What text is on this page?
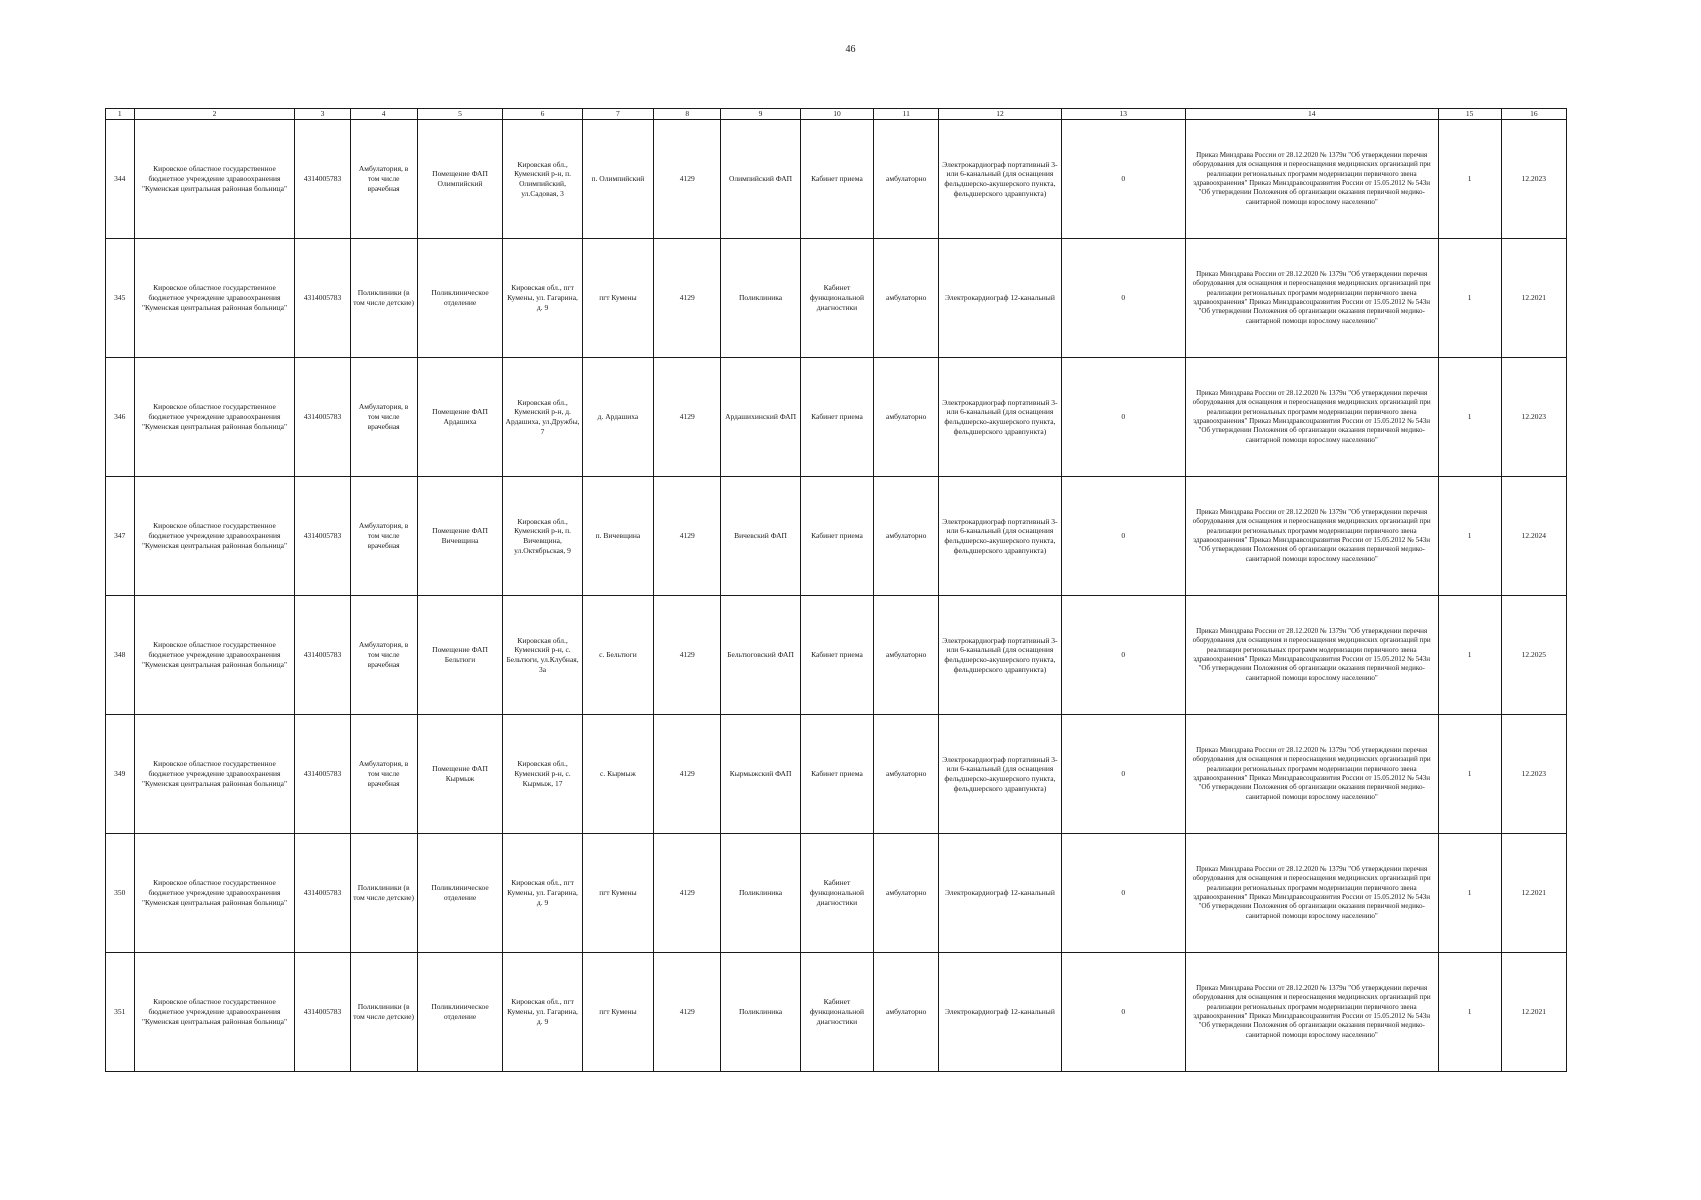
46
1	2	3	4	5	6	7	8	9	10	11	12	13	14	15	16
344	Кировское областное государственное бюджетное учреждение здравоохранения "Куменская центральная районная больница"	4314005783	Амбулатория, в том числе врачебная	Помещение ФАП Олимпийский	Кировская обл., Куменский р-н, п. Олимпийский, ул.Садовая, 3	п. Олимпийский	4129	Олимпийский ФАП	Кабинет приема	амбулаторно	Электрокардиограф портативный 3- или 6-канальный (для оснащения фельдшерско-акушерского пункта, фельдшерского здравпункта)	0	Приказ Минздрава России от 28.12.2020 № 1379н "Об утверждении перечня оборудования для оснащения и переоснащения медицинских организаций при реализации региональных программ модернизации первичного звена здравоохранения" Приказ Минздравсоцразвития России от 15.05.2012 № 543н "Об утверждении Положения об организации оказания первичной медико-санитарной помощи взрослому населению"	1	12.2023
345	Кировское областное государственное бюджетное учреждение здравоохранения "Куменская центральная районная больница"	4314005783	Поликлиники (в том числе детские)	Поликлиническое отделение	Кировская обл., пгт Кумены, ул. Гагарина, д. 9	пгт Кумены	4129	Поликлиника	Кабинет функциональной диагностики	амбулаторно	Электрокардиограф 12-канальный	0	Приказ Минздрава России от 28.12.2020 № 1379н "Об утверждении перечня оборудования для оснащения и переоснащения медицинских организаций при реализации региональных программ модернизации первичного звена здравоохранения" Приказ Минздравсоцразвития России от 15.05.2012 № 543н "Об утверждении Положения об организации оказания первичной медико-санитарной помощи взрослому населению"	1	12.2021
346	Кировское областное государственное бюджетное учреждение здравоохранения "Куменская центральная районная больница"	4314005783	Амбулатория, в том числе врачебная	Помещение ФАП Ардашиха	Кировская обл., Куменский р-н, д. Ардашиха, ул.Дружбы, 7	д. Ардашиха	4129	Ардашихинский ФАП	Кабинет приема	амбулаторно	Электрокардиограф портативный 3- или 6-канальный (для оснащения фельдшерско-акушерского пункта, фельдшерского здравпункта)	0	Приказ Минздрава России от 28.12.2020 № 1379н "Об утверждении перечня оборудования для оснащения и переоснащения медицинских организаций при реализации региональных программ модернизации первичного звена здравоохранения" Приказ Минздравсоцразвития России от 15.05.2012 № 543н "Об утверждении Положения об организации оказания первичной медико-санитарной помощи взрослому населению"	1	12.2023
347	Кировское областное государственное бюджетное учреждение здравоохранения "Куменская центральная районная больница"	4314005783	Амбулатория, в том числе врачебная	Помещение ФАП Вичевщина	Кировская обл., Куменский р-н, п. Вичевщина, ул.Октябрьская, 9	п. Вичевщина	4129	Вичевский ФАП	Кабинет приема	амбулаторно	Электрокардиограф портативный 3- или 6-канальный (для оснащения фельдшерско-акушерского пункта, фельдшерского здравпункта)	0	Приказ Минздрава России от 28.12.2020 № 1379н "Об утверждении перечня оборудования для оснащения и переоснащения медицинских организаций при реализации региональных программ модернизации первичного звена здравоохранения" Приказ Минздравсоцразвития России от 15.05.2012 № 543н "Об утверждении Положения об организации оказания первичной медико-санитарной помощи взрослому населению"	1	12.2024
348	Кировское областное государственное бюджетное учреждение здравоохранения "Куменская центральная районная больница"	4314005783	Амбулатория, в том числе врачебная	Помещение ФАП Бельтюги	Кировская обл., Куменский р-н, с. Бельтюги, ул.Клубная, 3а	с. Бельтюги	4129	Бельтюговский ФАП	Кабинет приема	амбулаторно	Электрокардиограф портативный 3- или 6-канальный (для оснащения фельдшерско-акушерского пункта, фельдшерского здравпункта)	0	Приказ Минздрава России от 28.12.2020 № 1379н "Об утверждении перечня оборудования для оснащения и переоснащения медицинских организаций при реализации региональных программ модернизации первичного звена здравоохранения" Приказ Минздравсоцразвития России от 15.05.2012 № 543н "Об утверждении Положения об организации оказания первичной медико-санитарной помощи взрослому населению"	1	12.2025
349	Кировское областное государственное бюджетное учреждение здравоохранения "Куменская центральная районная больница"	4314005783	Амбулатория, в том числе врачебная	Помещение ФАП Кырмыж	Кировская обл., Куменский р-н, с. Кырмыж, 17	с. Кырмыж	4129	Кырмыжский ФАП	Кабинет приема	амбулаторно	Электрокардиограф портативный 3- или 6-канальный (для оснащения фельдшерско-акушерского пункта, фельдшерского здравпункта)	0	Приказ Минздрава России от 28.12.2020 № 1379н "Об утверждении перечня оборудования для оснащения и переоснащения медицинских организаций при реализации региональных программ модернизации первичного звена здравоохранения" Приказ Минздравсоцразвития России от 15.05.2012 № 543н "Об утверждении Положения об организации оказания первичной медико-санитарной помощи взрослому населению"	1	12.2023
350	Кировское областное государственное бюджетное учреждение здравоохранения "Куменская центральная районная больница"	4314005783	Поликлиники (в том числе детские)	Поликлиническое отделение	Кировская обл., пгт Кумены, ул. Гагарина, д. 9	пгт Кумены	4129	Поликлиника	Кабинет функциональной диагностики	амбулаторно	Электрокардиограф 12-канальный	0	Приказ Минздрава России от 28.12.2020 № 1379н "Об утверждении перечня оборудования для оснащения и переоснащения медицинских организаций при реализации региональных программ модернизации первичного звена здравоохранения" Приказ Минздравсоцразвития России от 15.05.2012 № 543н "Об утверждении Положения об организации оказания первичной медико-санитарной помощи взрослому населению"	1	12.2021
351	Кировское областное государственное бюджетное учреждение здравоохранения "Куменская центральная районная больница"	4314005783	Поликлиники (в том числе детские)	Поликлиническое отделение	Кировская обл., пгт Кумены, ул. Гагарина, д. 9	пгт Кумены	4129	Поликлиника	Кабинет функциональной диагностики	амбулаторно	Электрокардиограф 12-канальный	0	Приказ Минздрава России от 28.12.2020 № 1379н "Об утверждении перечня оборудования для оснащения и переоснащения медицинских организаций при реализации региональных программ модернизации первичного звена здравоохранения" Приказ Минздравсоцразвития России от 15.05.2012 № 543н "Об утверждении Положения об организации оказания первичной медико-санитарной помощи взрослому населению"	1	12.2021
